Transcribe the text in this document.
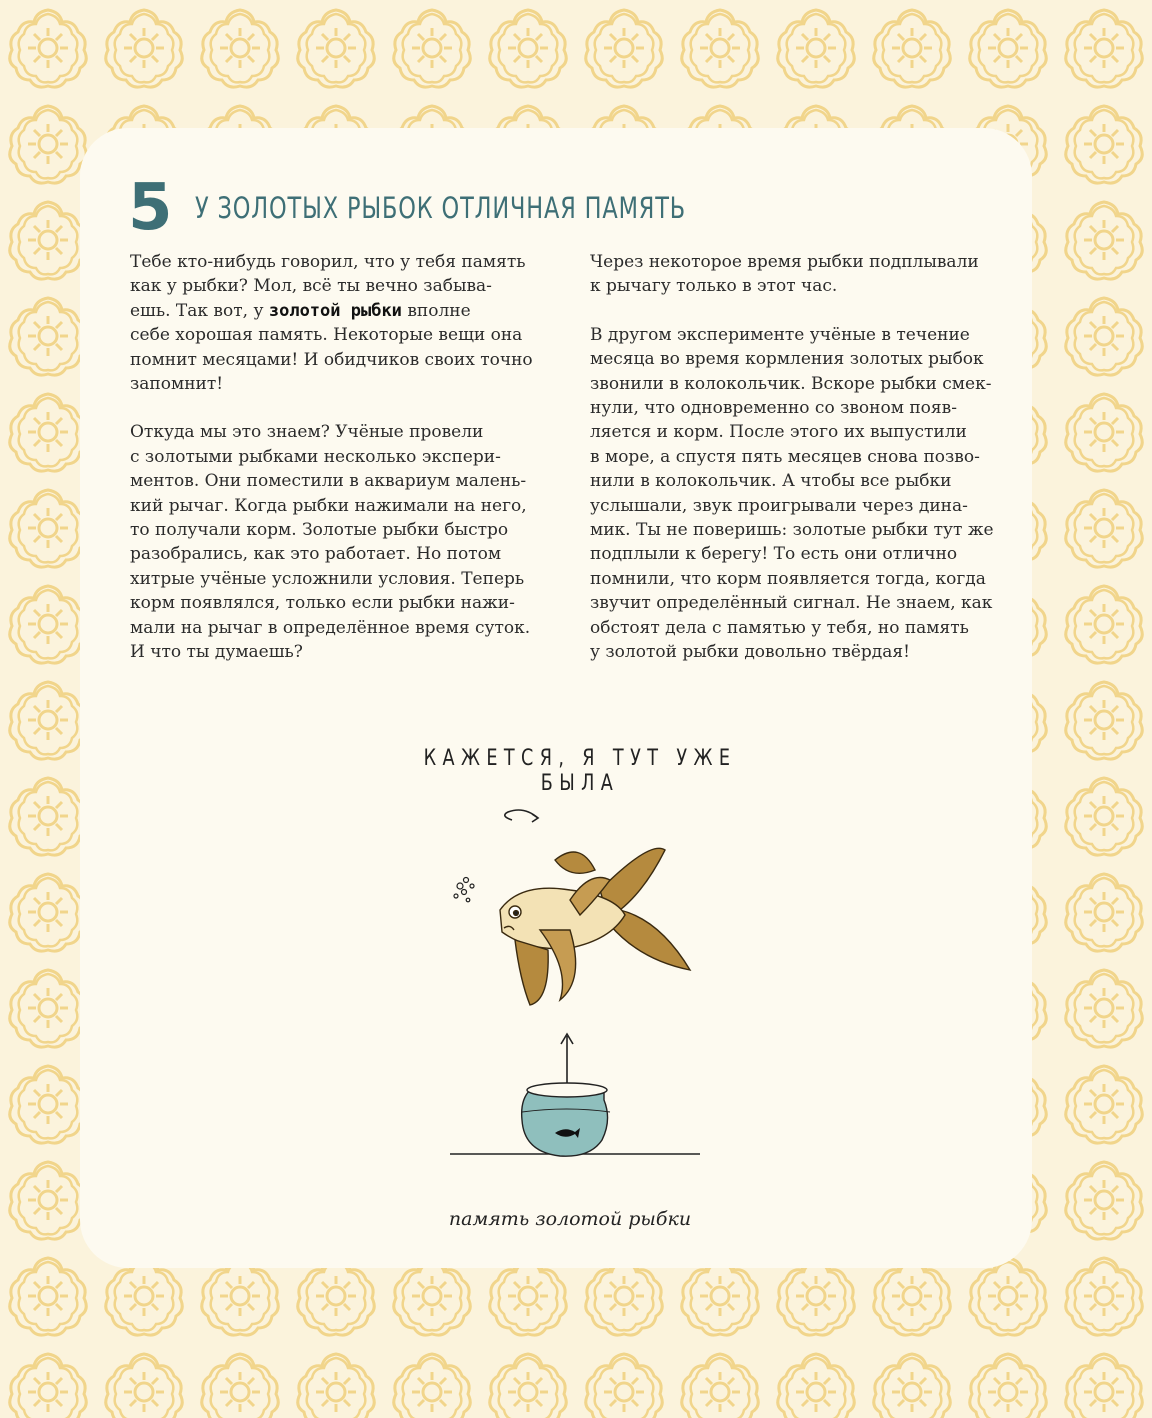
5 У ЗОЛОТЫХ РЫБОК ОТЛИЧНАЯ ПАМЯТЬ

Тебе кто-нибудь говорил, что у тебя память
как у рыбки? Мол, всё ты вечно забыва-
ешь. Так вот, у золотой рыбки вполне
себе хорошая память. Некоторые вещи она
помнит месяцами! И обидчиков своих точно
запомнит!

Откуда мы это знаем? Учёные провели
с золотыми рыбками несколько экспери-
ментов. Они поместили в аквариум малень-
кий рычаг. Когда рыбки нажимали на него,
то получали корм. Золотые рыбки быстро
разобрались, как это работает. Но потом
хитрые учёные усложнили условия. Теперь
корм появлялся, только если рыбки нажи-
мали на рычаг в определённое время суток.
И что ты думаешь?

Через некоторое время рыбки подплывали
к рычагу только в этот час.

В другом эксперименте учёные в течение
месяца во время кормления золотых рыбок
звонили в колокольчик. Вскоре рыбки смек-
нули, что одновременно со звоном появ-
ляется и корм. После этого их выпустили
в море, а спустя пять месяцев снова позво-
нили в колокольчик. А чтобы все рыбки
услышали, звук проигрывали через дина-
мик. Ты не поверишь: золотые рыбки тут же
подплыли к берегу! То есть они отлично
помнили, что корм появляется тогда, когда
звучит определённый сигнал. Не знаем, как
обстоят дела с памятью у тебя, но память
у золотой рыбки довольно твёрдая!

КАЖЕТСЯ, Я ТУТ УЖЕ БЫЛА
память золотой рыбки
